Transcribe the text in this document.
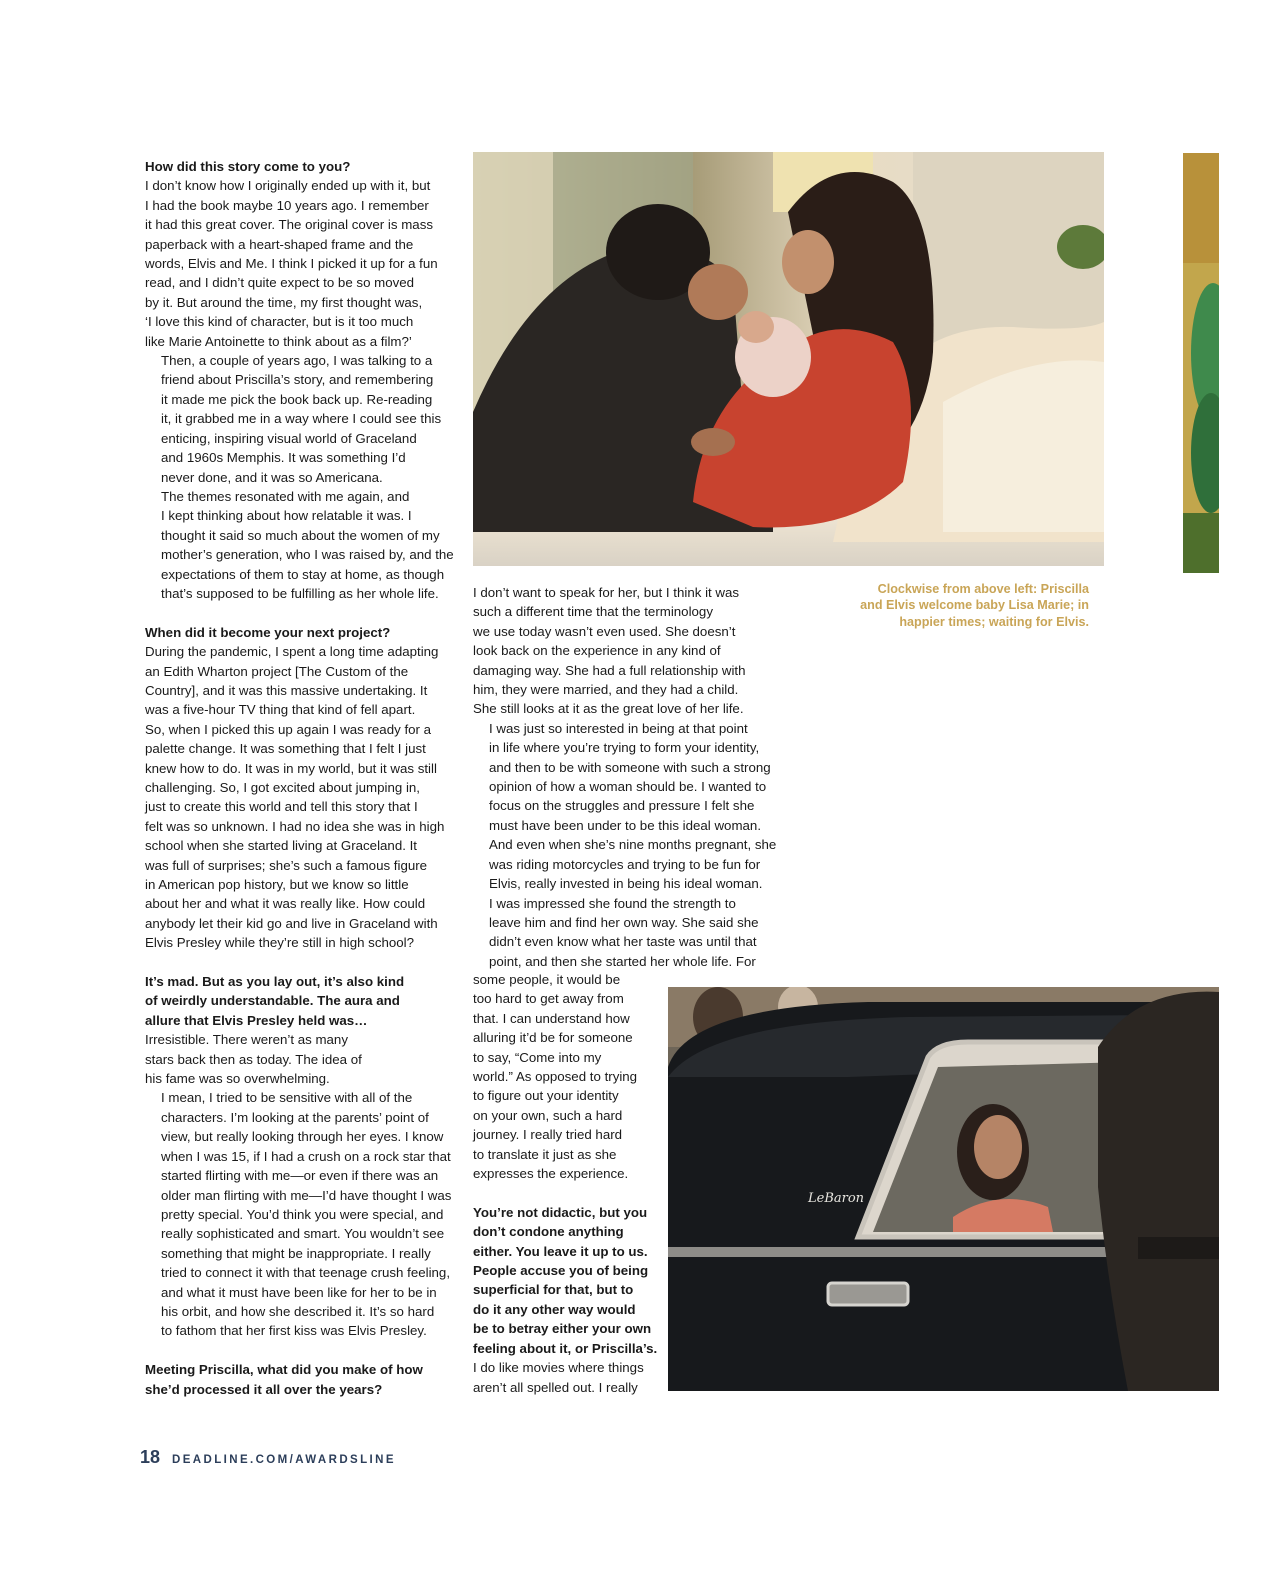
How did this story come to you?

I don’t know how I originally ended up with it, but
I had the book maybe 10 years ago. I remember
it had this great cover. The original cover is mass
paperback with a heart-shaped frame and the
words, Elvis and Me. I think I picked it up for a fun
read, and I didn’t quite expect to be so moved
by it. But around the time, my first thought was,
‘I love this kind of character, but is it too much
like Marie Antoinette to think about as a film?’

Then, a couple of years ago, I was talking to a
friend about Priscilla’s story, and remembering
it made me pick the book back up. Re-reading
it, it grabbed me in a way where I could see this
enticing, inspiring visual world of Graceland
and 1960s Memphis. It was something I’d
never done, and it was so Americana.

The themes resonated with me again, and
I kept thinking about how relatable it was. I
thought it said so much about the women of my
mother’s generation, who I was raised by, and the
expectations of them to stay at home, as though
that’s supposed to be fulfilling as her whole life.

When did it become your next project?

During the pandemic, I spent a long time adapting
an Edith Wharton project [The Custom of the
Country], and it was this massive undertaking. It
was a five-hour TV thing that kind of fell apart.
So, when I picked this up again I was ready for a
palette change. It was something that I felt I just
knew how to do. It was in my world, but it was still
challenging. So, I got excited about jumping in,
just to create this world and tell this story that I
felt was so unknown. I had no idea she was in high
school when she started living at Graceland. It
was full of surprises; she’s such a famous figure
in American pop history, but we know so little
about her and what it was really like. How could
anybody let their kid go and live in Graceland with
Elvis Presley while they’re still in high school?

It’s mad. But as you lay out, it’s also kind
of weirdly understandable. The aura and
allure that Elvis Presley held was…

Irresistible. There weren’t as many
stars back then as today. The idea of
his fame was so overwhelming.

I mean, I tried to be sensitive with all of the
characters. I’m looking at the parents’ point of
view, but really looking through her eyes. I know
when I was 15, if I had a crush on a rock star that
started flirting with me—or even if there was an
older man flirting with me—I’d have thought I was
pretty special. You’d think you were special, and
really sophisticated and smart. You wouldn’t see
something that might be inappropriate. I really
tried to connect it with that teenage crush feeling,
and what it must have been like for her to be in
his orbit, and how she described it. It’s so hard
to fathom that her first kiss was Elvis Presley.

Meeting Priscilla, what did you make of how
she’d processed it all over the years?

I don’t want to speak for her, but I think it was
such a different time that the terminology
we use today wasn’t even used. She doesn’t
look back on the experience in any kind of
damaging way. She had a full relationship with
him, they were married, and they had a child.
She still looks at it as the great love of her life.

I was just so interested in being at that point
in life where you’re trying to form your identity,
and then to be with someone with such a strong
opinion of how a woman should be. I wanted to
focus on the struggles and pressure I felt she
must have been under to be this ideal woman.
And even when she’s nine months pregnant, she
was riding motorcycles and trying to be fun for
Elvis, really invested in being his ideal woman.

I was impressed she found the strength to
leave him and find her own way. She said she
didn’t even know what her taste was until that
point, and then she started her whole life. For

some people, it would be
too hard to get away from
that. I can understand how
alluring it’d be for someone
to say, “Come into my
world.” As opposed to trying
to figure out your identity
on your own, such a hard
journey. I really tried hard
to translate it just as she
expresses the experience.

You’re not didactic, but you
don’t condone anything
either. You leave it up to us.
People accuse you of being
superficial for that, but to
do it any other way would
be to betray either your own
feeling about it, or Priscilla’s.

I do like movies where things
aren’t all spelled out. I really

LeBaron
Clockwise from above left: Priscilla
and Elvis welcome baby Lisa Marie; in
happier times; waiting for Elvis.
18 DEADLINE.COM/AWARDSLINE
